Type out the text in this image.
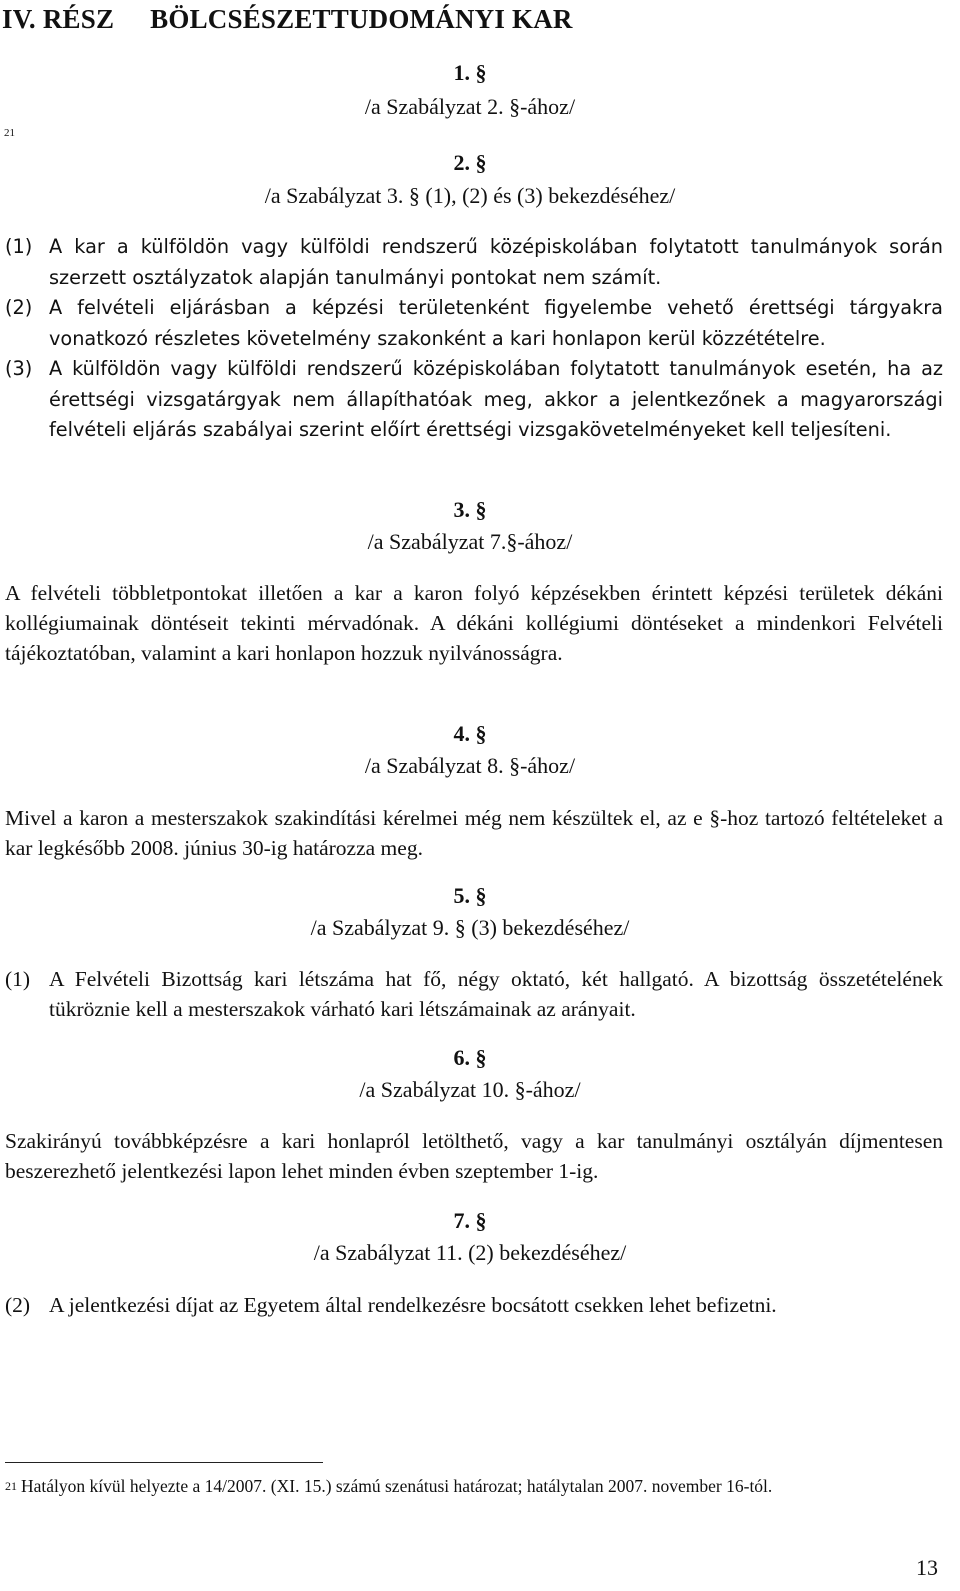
IV. RÉSZ BÖLCSÉSZETTUDOMÁNYI KAR
1. §
/a Szabályzat 2. §-ához/
21
2. §
/a Szabályzat 3. § (1), (2) és (3) bekezdéséhez/
(1) A kar a külföldön vagy külföldi rendszerű középiskolában folytatott tanulmányok során szerzett osztályzatok alapján tanulmányi pontokat nem számít.
(2) A felvételi eljárásban a képzési területenként figyelembe vehető érettségi tárgyakra vonatkozó részletes követelmény szakonként a kari honlapon kerül közzétételre.
(3) A külföldön vagy külföldi rendszerű középiskolában folytatott tanulmányok esetén, ha az érettségi vizsgatárgyak nem állapíthatóak meg, akkor a jelentkezőnek a magyarországi felvételi eljárás szabályai szerint előírt érettségi vizsgakövetelményeket kell teljesíteni.
3. §
/a Szabályzat 7.§-ához/
A felvételi többletpontokat illetően a kar a karon folyó képzésekben érintett képzési területek dékáni kollégiumainak döntéseit tekinti mérvadónak. A dékáni kollégiumi döntéseket a mindenkori Felvételi tájékoztatóban, valamint a kari honlapon hozzuk nyilvánosságra.
4. §
/a Szabályzat 8. §-ához/
Mivel a karon a mesterszakok szakindítási kérelmei még nem készültek el, az e §-hoz tartozó feltételeket a kar legkésőbb 2008. június 30-ig határozza meg.
5. §
/a Szabályzat 9. § (3) bekezdéséhez/
(1) A Felvételi Bizottság kari létszáma hat fő, négy oktató, két hallgató. A bizottság összetételének tükröznie kell a mesterszakok várható kari létszámainak az arányait.
6. §
/a Szabályzat 10. §-ához/
Szakirányú továbbképzésre a kari honlapról letölthető, vagy a kar tanulmányi osztályán díjmentesen beszerezhető jelentkezési lapon lehet minden évben szeptember 1-ig.
7. §
/a Szabályzat 11. (2) bekezdéséhez/
(2) A jelentkezési díjat az Egyetem által rendelkezésre bocsátott csekken lehet befizetni.
$^{21}$ Hatályon kívül helyezte a 14/2007. (XI. 15.) számú szenátusi határozat; hatálytalan 2007. november 16-tól.
13
